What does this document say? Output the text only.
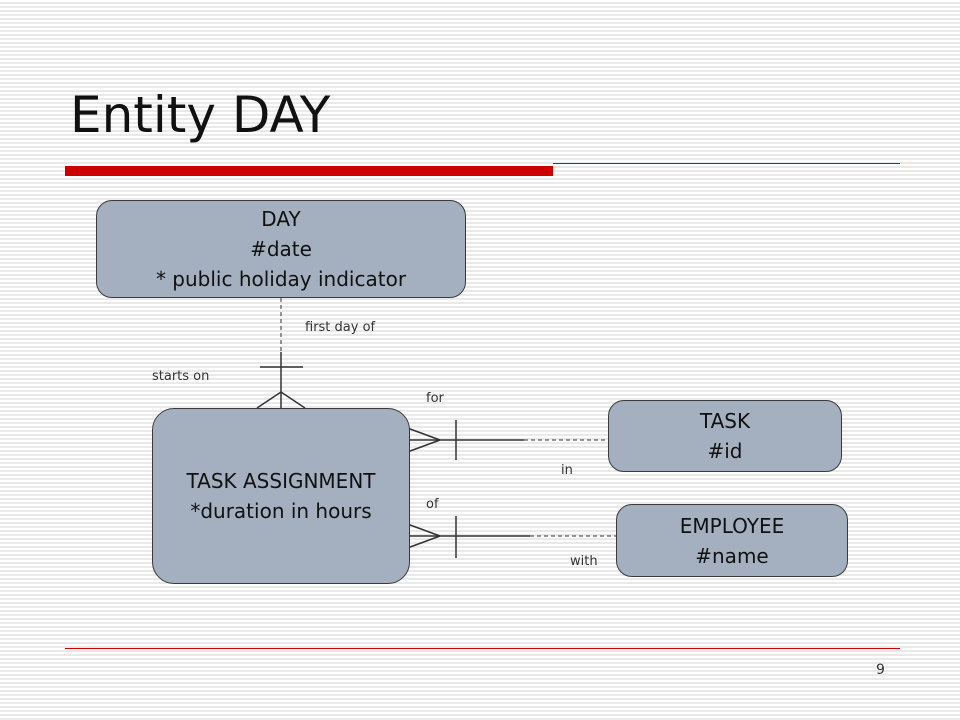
Entity DAY
DAY
#date
* public holiday indicator
TASK ASSIGNMENT
*duration in hours
TASK
#id
EMPLOYEE
#name
first day of
starts on
for
in
of
with
9
